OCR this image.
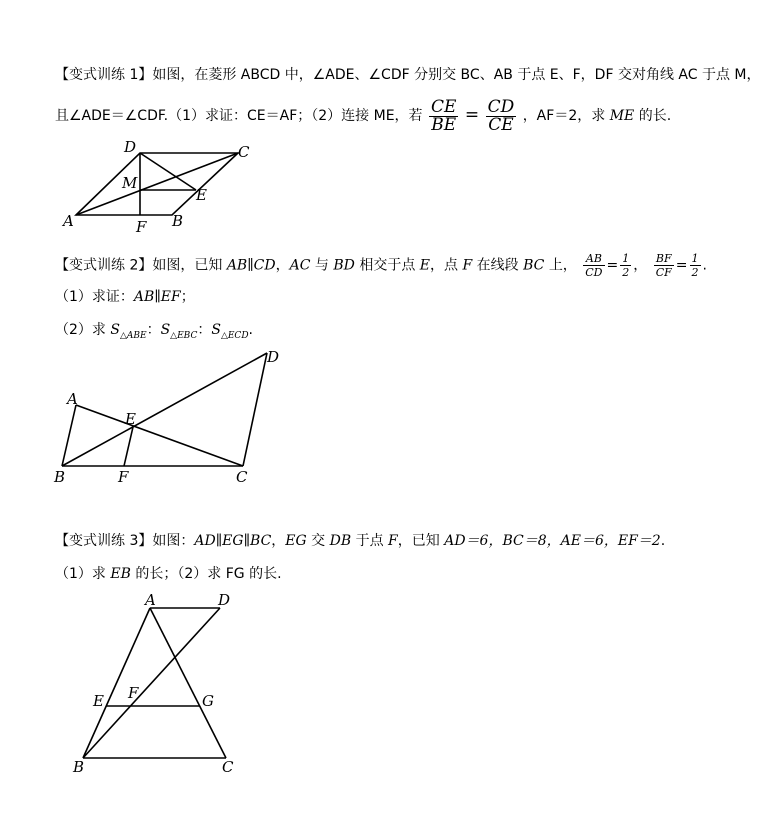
【变式训练 1】如图，在菱形 ABCD 中，∠ADE、∠CDF 分别交 BC、AB 于点 E、F，DF 交对角线 AC 于点 M，
且∠ADE＝∠CDF.（1）求证：CE＝AF；（2）连接 ME，若 $\frac{CE}{BE} = \frac{CD}{CE}$ ，AF＝2，求 ME 的长.
【变式训练 2】如图，已知 AB∥CD，AC 与 BD 相交于点 E，点 F 在线段 BC 上， $\frac{AB}{CD} = \frac{1}{2}$ ， $\frac{BF}{CF} = \frac{1}{2}$ .
（1）求证：AB∥EF；
（2）求 $S_{\triangle ABE}$：$S_{\triangle EBC}$：$S_{\triangle ECD}$.
【变式训练 3】如图：AD∥EG∥BC，EG 交 DB 于点 F，已知 AD＝6，BC＝8，AE＝6，EF＝2.
（1）求 EB 的长；（2）求 FG 的长.
D	C
M
E
A	F B
D
A
E
B	F	C
A	D
E F	G
B	C
